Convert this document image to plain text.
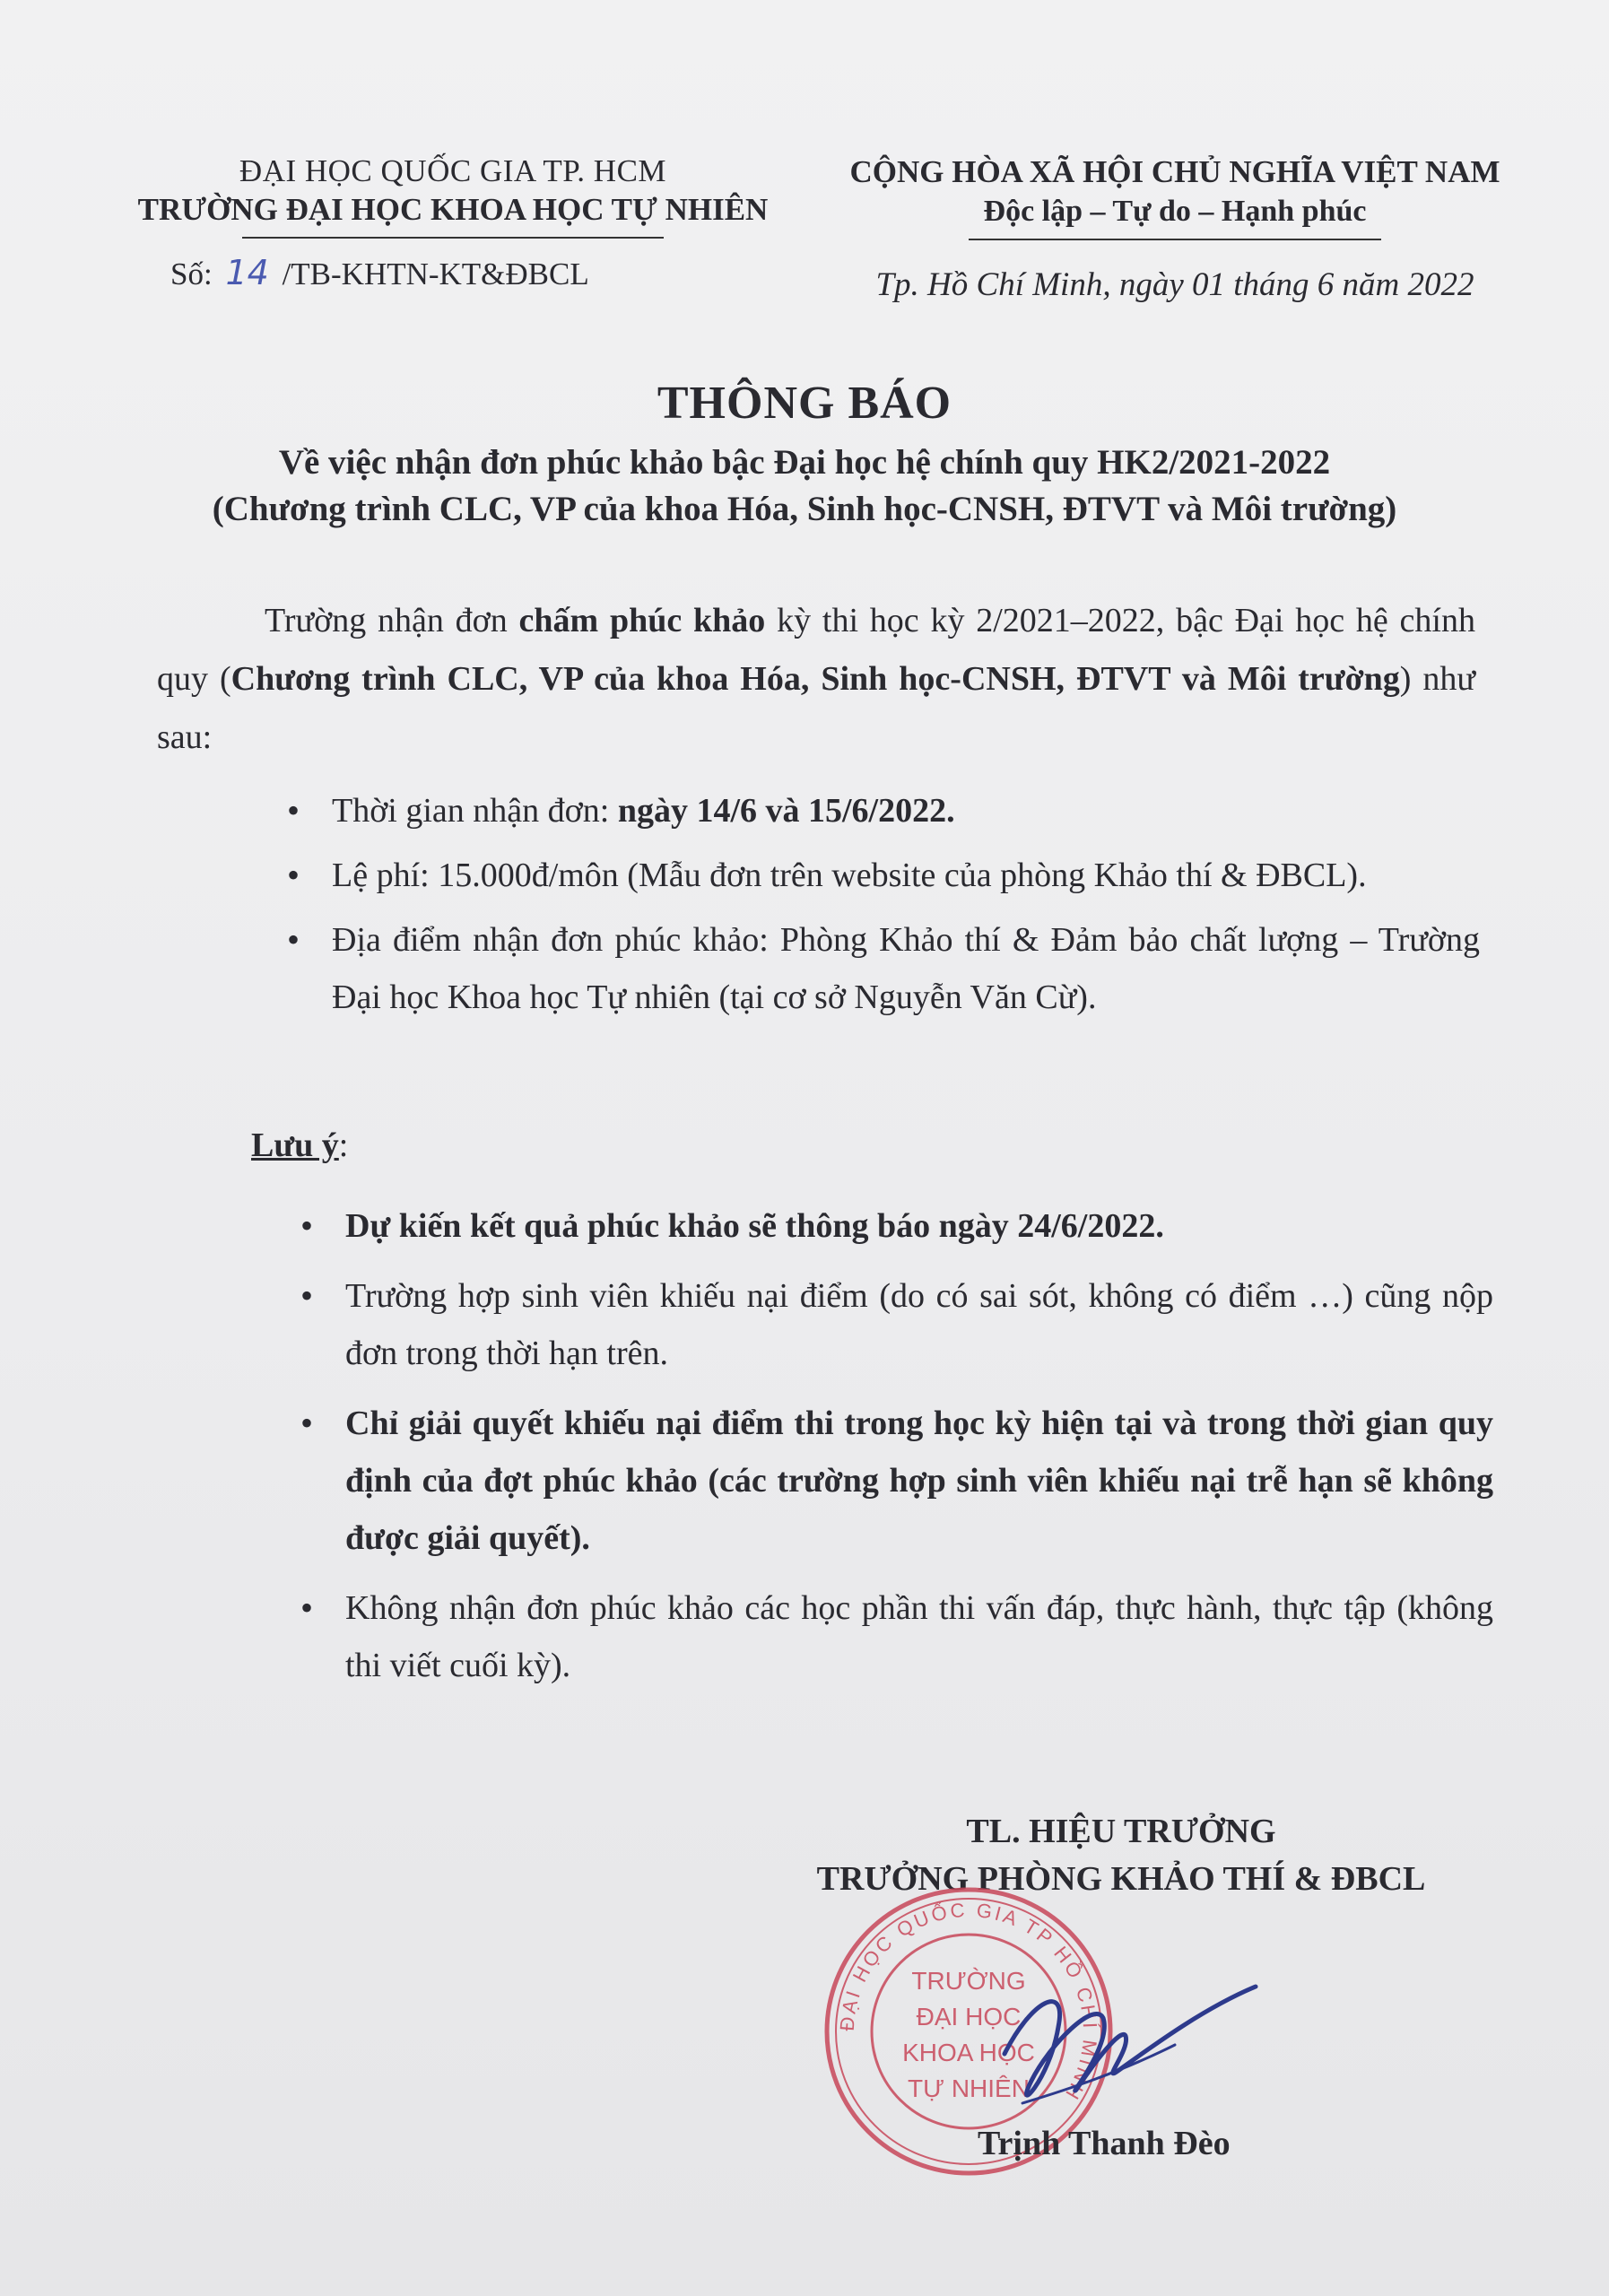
ĐẠI HỌC QUỐC GIA TP. HCM
TRƯỜNG ĐẠI HỌC KHOA HỌC TỰ NHIÊN
Số: 14 /TB-KHTN-KT&ĐBCL
CỘNG HÒA XÃ HỘI CHỦ NGHĨA VIỆT NAM
Độc lập – Tự do – Hạnh phúc
Tp. Hồ Chí Minh, ngày 01 tháng 6 năm 2022
THÔNG BÁO
Về việc nhận đơn phúc khảo bậc Đại học hệ chính quy HK2/2021-2022
(Chương trình CLC, VP của khoa Hóa, Sinh học-CNSH, ĐTVT và Môi trường)
Trường nhận đơn chấm phúc khảo kỳ thi học kỳ 2/2021–2022, bậc Đại học hệ chính quy (Chương trình CLC, VP của khoa Hóa, Sinh học-CNSH, ĐTVT và Môi trường) như sau:
• Thời gian nhận đơn: ngày 14/6 và 15/6/2022.
• Lệ phí: 15.000đ/môn (Mẫu đơn trên website của phòng Khảo thí & ĐBCL).
• Địa điểm nhận đơn phúc khảo: Phòng Khảo thí & Đảm bảo chất lượng – Trường Đại học Khoa học Tự nhiên (tại cơ sở Nguyễn Văn Cừ).
Lưu ý:
• Dự kiến kết quả phúc khảo sẽ thông báo ngày 24/6/2022.
• Trường hợp sinh viên khiếu nại điểm (do có sai sót, không có điểm …) cũng nộp đơn trong thời hạn trên.
• Chỉ giải quyết khiếu nại điểm thi trong học kỳ hiện tại và trong thời gian quy định của đợt phúc khảo (các trường hợp sinh viên khiếu nại trễ hạn sẽ không được giải quyết).
• Không nhận đơn phúc khảo các học phần thi vấn đáp, thực hành, thực tập (không thi viết cuối kỳ).
TL. HIỆU TRƯỞNG
TRƯỞNG PHÒNG KHẢO THÍ & ĐBCL
ĐẠI HỌC QUỐC GIA TP HỒ CHÍ MINH
TRƯỜNG
ĐẠI HỌC
KHOA HỌC
TỰ NHIÊN
Trịnh Thanh Đèo
